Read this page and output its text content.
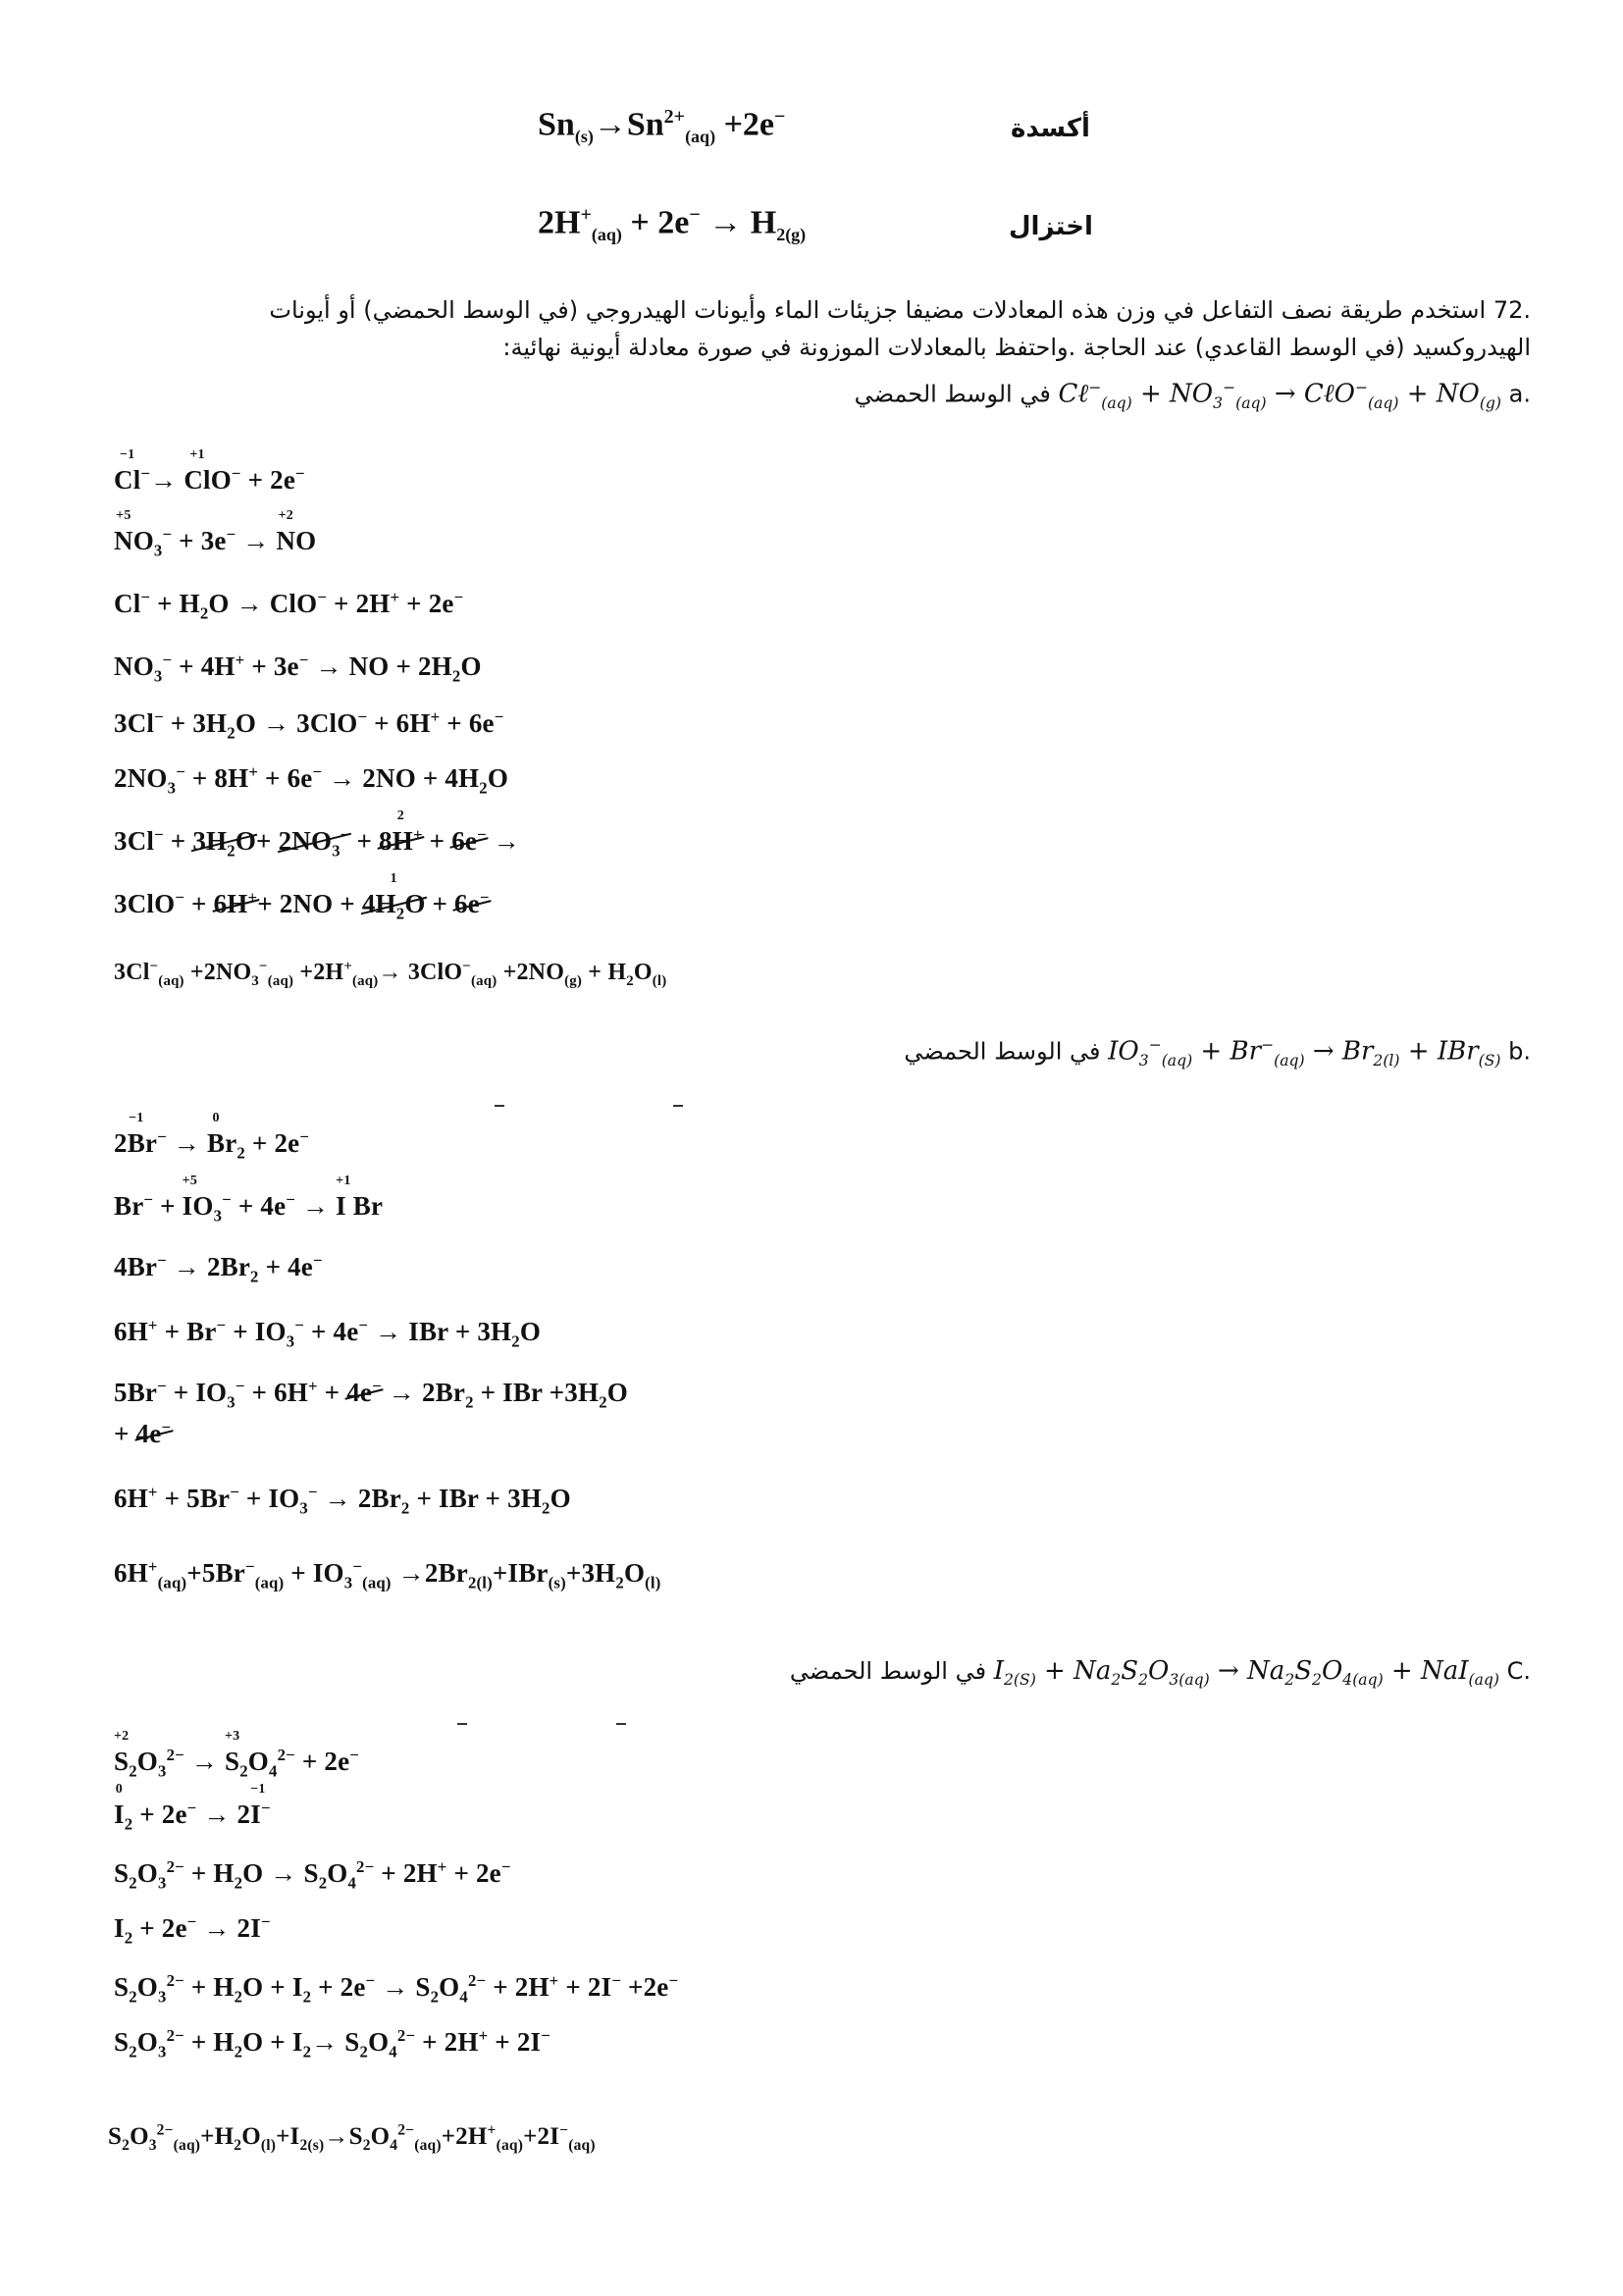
$Sn_{(s)}\to Sn^{2+}_{(aq)} +2e^-$	أكسدة
$2H^+_{(aq)} + 2e^- \to H_{2(g)}$	اختزال
.72 استخدم طريقة نصف التفاعل في وزن هذه المعادلات مضيفا جزيئات الماء وأيونات الهيدروجي (في الوسط الحمضي) أو أيونات
الهيدروكسيد (في الوسط القاعدي) عند الحاجة .واحتفظ بالمعادلات الموزونة في صورة معادلة أيونية نهائية:
.a Cℓ−$_{(aq)}$ + $NO_3^-_{(aq)}$ → CℓO−$_{(aq)}$ + $NO_{(g)}$ في الوسط الحمضي
−1
Cl−→
+1
ClO− + 2e−
+5
$NO_3^- + 3e^-$ →
+2
NO
$Cl^- + H_2O \to ClO^- + 2H^+ + 2e^-$
$NO_3^- + 4H^+ + 3e^-$ → NO + $2H_2O$
$3Cl^- + 3H_2O \to 3ClO^- + 6H^+ + 6e^-$
$2NO_3^- + 8H^+ + 6e^- \to 2NO + 4H_2O$
$3Cl^- + 3H_2O+ 2NO_3^-$ +
2
8H+ + 6e− →
3ClO− + 6H++ 2NO +
1
$4H_2O + 6e^-$
$3Cl^-_{(aq)} +2NO_3^-_{(aq)} +2H^+_{(aq)}\to 3ClO^-_{(aq)} +2NO_{(g)} + H_2O_{(l)}$
.b $IO_3^-_{(aq)} + Br^-_{(aq)} \to Br_{2(l)} + IBr_{(S)}$ في الوسط الحمضي
2
−1
Br− →
0
$Br_2 + 2e^-$
Br− +
+5
$IO_3^- + 4e^-$ →
+1
I Br
$4Br^- \to 2Br_2 + 4e^-$
$6H^+ + Br^- + IO_3^- + 4e^-$ → IBr + $3H_2O$
$5Br^- + IO_3^- + 6H^+ + 4e^- \to 2Br_2$ + IBr $+3H_2O$
+ 4e−
$6H^+ + 5Br^- + IO_3^- \to 2Br_2$ + IBr + $3H_2O$
$6H^+_{(aq)}+5Br^-_{(aq)} + IO_3^-_{(aq)} \to 2Br_{2(l)}+IBr_{(s)}+3H_2O_{(l)}$
.C $I_{2(S)} + Na_2S_2O_{3(aq)} \to Na_2S_2O_{4(aq)} + NaI_{(aq)}$ في الوسط الحمضي
+2
$S_2O_3^{2-}$ →
+3
$S_2O_4^{2-} + 2e^-$
0
$I_2 + 2e^- \to 2$
−1
I−
$S_2O_3^{2-} + H_2O \to S_2O_4^{2-} + 2H^+ + 2e^-$
$I_2 + 2e^- \to 2I^-$
$S_2O_3^{2-} + H_2O + I_2 + 2e^- \to S_2O_4^{2-} + 2H^+ + 2I^- +2e^-$
$S_2O_3^{2-} + H_2O + I_2\to S_2O_4^{2-} + 2H^+ + 2I^-$
$S_2O_3^{2-}_{(aq)}+H_2O_{(l)}+I_{2(s)}\to S_2O_4^{2-}_{(aq)}+2H^+_{(aq)}+2I^-_{(aq)}$
